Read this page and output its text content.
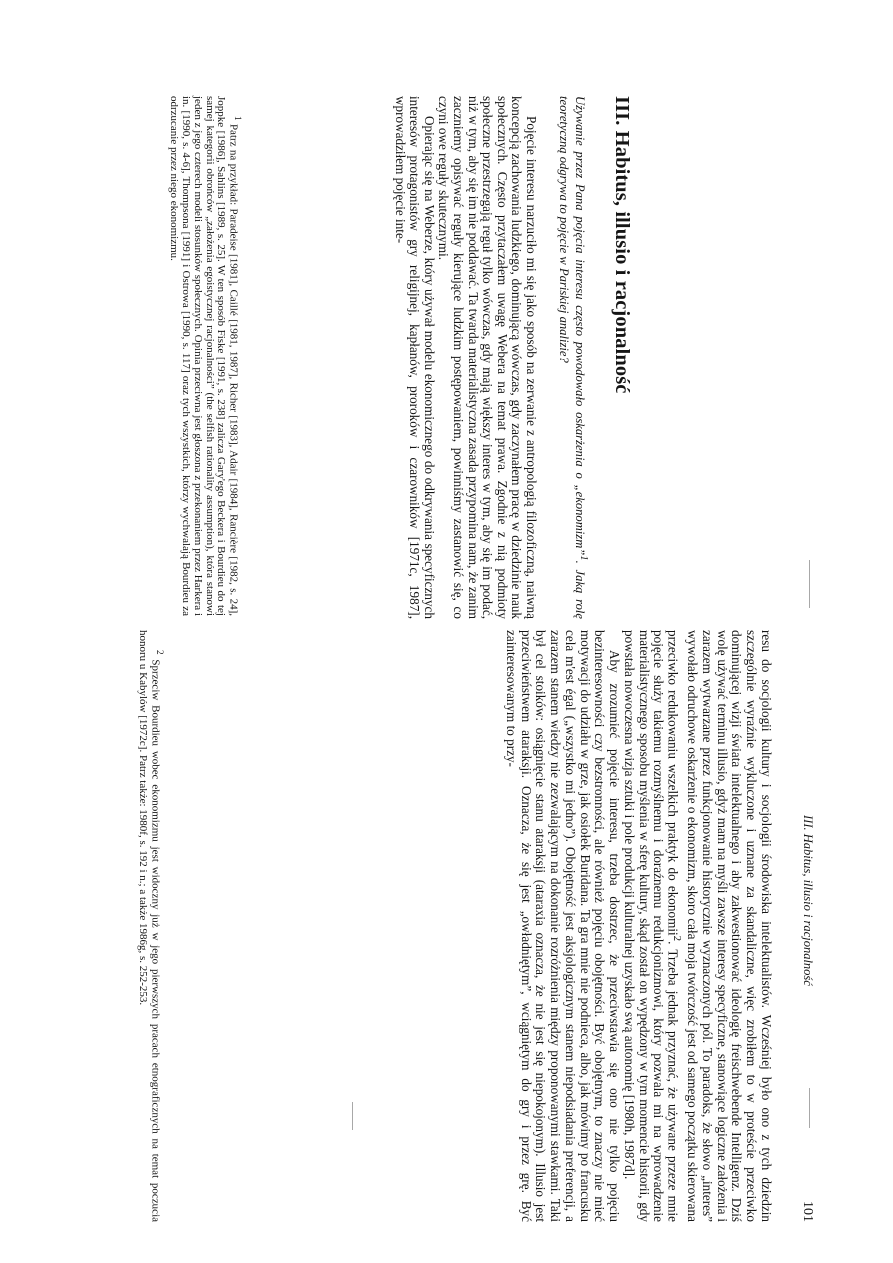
III. Habitus, illusio i racjonalność

Używanie przez Pana pojęcia interesu często powodowało oskarżenia o „ekonomizm”$^1$. Jaką rolę teoretyczną odgrywa to pojęcie w Pariskiej analizie?

Pojęcie interesu narzuciło mi się jako sposób na zerwanie z antropologią filozoficzną, naiwną koncepcją zachowania ludzkiego, dominującą wówczas, gdy zaczynałem pracę w dziedzinie nauk społecznych. Często przytaczałem uwagę Webera na temat prawa. Zgodnie z nią podmioty społeczne przestrzegają reguł tylko wówczas, gdy mają większy interes w tym, aby się im podać, niż w tym, aby się im nie poddawać. Ta twarda materialistyczna zasada przypomina nam, że zanim zaczniemy opisywać reguły kierujące ludzkim postępowaniem, powinniśmy zastanowić się, co czyni owe reguły skutecznymi.

Opierając się na Weberze, który używał modelu ekonomicznego do odkrywania specyficznych interesów protagonistów gry religijnej, kapłanów, proroków i czarowników [1971c, 1987], wprowadziłem pojęcie inte-

$^1$ Patrz na przykład: Paradeise [1981], Caillé [1981, 1987], Richer [1983], Adair [1984], Rancière [1982, s. 24], Joppke [1986], Sahlins [1989, s. 25]. W ten sposób Fiske [1991, s. 238] zalicza Gary'ego Beckera i Bourdieu do tej samej kategorii obrońców „założenia egoistycznej racjonalności” (the selfish rationality assumption), która stanowi jeden z jego czterech modeli stosunków społecznych. Opinia przeciwna jest głoszona z przekonaniem przez Harkera i in. [1990, s. 4-6], Thompsona [1991] i Ostrowa [1990, s. 117] oraz tych wszystkich, którzy wychwalają Bourdieu za odrzucanie przez niego ekonomizmu.

III. Habitus, illusio i racjonalność
101

resu do socjologii kultury i socjologii środowiska intelektualistów. Wcześniej było ono z tych dziedzin szczególnie wyraźnie wykluczone i uznane za skandaliczne, więc zrobiłem to w proteście przeciwko dominującej wizji świata intelektualnego i aby zakwestionować ideologię freischwebende Intelligenz. Dziś wolę używać terminu illusio, gdyż mam na myśli zawsze interesy specyficzne, stanowiące logiczne założenia i zarazem wytwarzane przez funkcjonowanie historycznie wyznaczonych pól. To paradoks, że słowo „interes” wywołało odruchowe oskarżenie o ekonomizm, skoro cała moja twórczość jest od samego początku skierowana przeciwko redukowaniu wszelkich praktyk do ekonomii$^2$. Trzeba jednak przyznać, że używane przeze mnie pojęcie służy takiemu rozmyślnemu i doraźnemu redukcjonizmowi, który pozwala mi na wprowadzenie materialistycznego sposobu myślenia w sferę kultury, skąd został on wypędzony w tym momencie historii, gdy powstała nowoczesna wizja sztuki i pole produkcji kulturalnej uzyskało swą autonomię [1980h, 1987d].

Aby zrozumieć pojęcie interesu, trzeba dostrzec, że przeciwstawia się ono nie tylko pojęciu bezinteresowności czy bezstronności, ale również pojęciu obojętności. Być obojętnym, to znaczy nie mieć motywacji do udziału w grze, jak osiołek Buridana. Ta gra mnie nie podnieca, albo, jak mówimy po francusku cela m'est égal („wszystko mi jedno”). Obojętność jest aksjologicznym stanem niepodsiadania preferencji, a zarazem stanem wiedzy nie zezwalającym na dokonanie rozróżnienia między proponowanymi stawkami. Taki był cel stoików: osiągnięcie stanu ataraksji (ataraxia oznacza, że nie jest się niepokojonym). Illusio jest przeciwieństwem ataraksji. Oznacza, że się jest „owładniętym”, wciągniętym do gry i przez grę. Być zainteresowanym to przy-

$^2$ Sprzeciw Bourdieu wobec ekonomizmu jest widoczny już w jego pierwszych pracach etnograficznych na temat poczucia honoru u Kabylów [1972c]. Patrz także: 1980f, s. 192 i n.; a także 1986g, s. 252-253.
